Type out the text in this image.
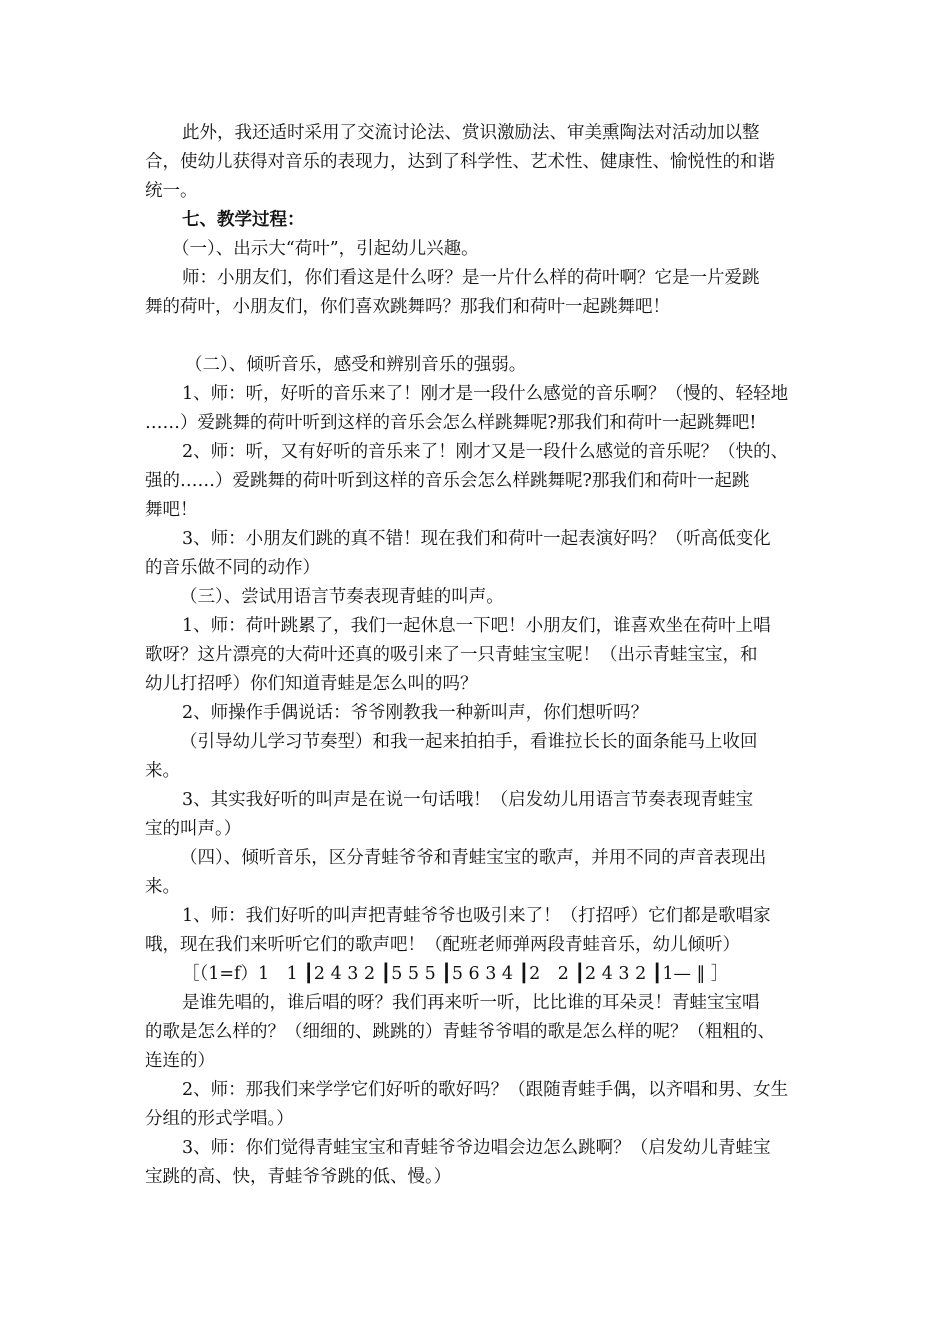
此外，我还适时采用了交流讨论法、赏识激励法、审美熏陶法对活动加以整
合，使幼儿获得对音乐的表现力，达到了科学性、艺术性、健康性、愉悦性的和谐
统一。
七、教学过程：
（一）、出示大“荷叶”，引起幼儿兴趣。
师：小朋友们，你们看这是什么呀？是一片什么样的荷叶啊？它是一片爱跳
舞的荷叶，小朋友们，你们喜欢跳舞吗？那我们和荷叶一起跳舞吧！
（二）、倾听音乐，感受和辨别音乐的强弱。
1、师：听，好听的音乐来了！刚才是一段什么感觉的音乐啊？（慢的、轻轻地
……）爱跳舞的荷叶听到这样的音乐会怎么样跳舞呢?那我们和荷叶一起跳舞吧!
2、师：听，又有好听的音乐来了！刚才又是一段什么感觉的音乐呢？（快的、
强的……）爱跳舞的荷叶听到这样的音乐会怎么样跳舞呢?那我们和荷叶一起跳
舞吧！
3、师：小朋友们跳的真不错！现在我们和荷叶一起表演好吗？（听高低变化
的音乐做不同的动作）
（三）、尝试用语言节奏表现青蛙的叫声。
1、师：荷叶跳累了，我们一起休息一下吧！小朋友们，谁喜欢坐在荷叶上唱
歌呀？这片漂亮的大荷叶还真的吸引来了一只青蛙宝宝呢！（出示青蛙宝宝，和
幼儿打招呼）你们知道青蛙是怎么叫的吗？
2、师操作手偶说话：爷爷刚教我一种新叫声，你们想听吗？
（引导幼儿学习节奏型）和我一起来拍拍手，看谁拉长长的面条能马上收回
来。
3、其实我好听的叫声是在说一句话哦！（启发幼儿用语言节奏表现青蛙宝
宝的叫声。）
（四）、倾听音乐，区分青蛙爷爷和青蛙宝宝的歌声，并用不同的声音表现出
来。
1、师：我们好听的叫声把青蛙爷爷也吸引来了！（打招呼）它们都是歌唱家
哦，现在我们来听听它们的歌声吧！（配班老师弹两段青蛙音乐，幼儿倾听）
［（1=f）1　1 ┃2 4 3 2 ┃5 5 5 ┃5 6 3 4 ┃2　2 ┃2 4 3 2 ┃1— ‖ ］
是谁先唱的，谁后唱的呀？我们再来听一听，比比谁的耳朵灵！青蛙宝宝唱
的歌是怎么样的？（细细的、跳跳的）青蛙爷爷唱的歌是怎么样的呢？（粗粗的、
连连的）
2、师：那我们来学学它们好听的歌好吗？（跟随青蛙手偶，以齐唱和男、女生
分组的形式学唱。）
3、师：你们觉得青蛙宝宝和青蛙爷爷边唱会边怎么跳啊？（启发幼儿青蛙宝
宝跳的高、快，青蛙爷爷跳的低、慢。）
